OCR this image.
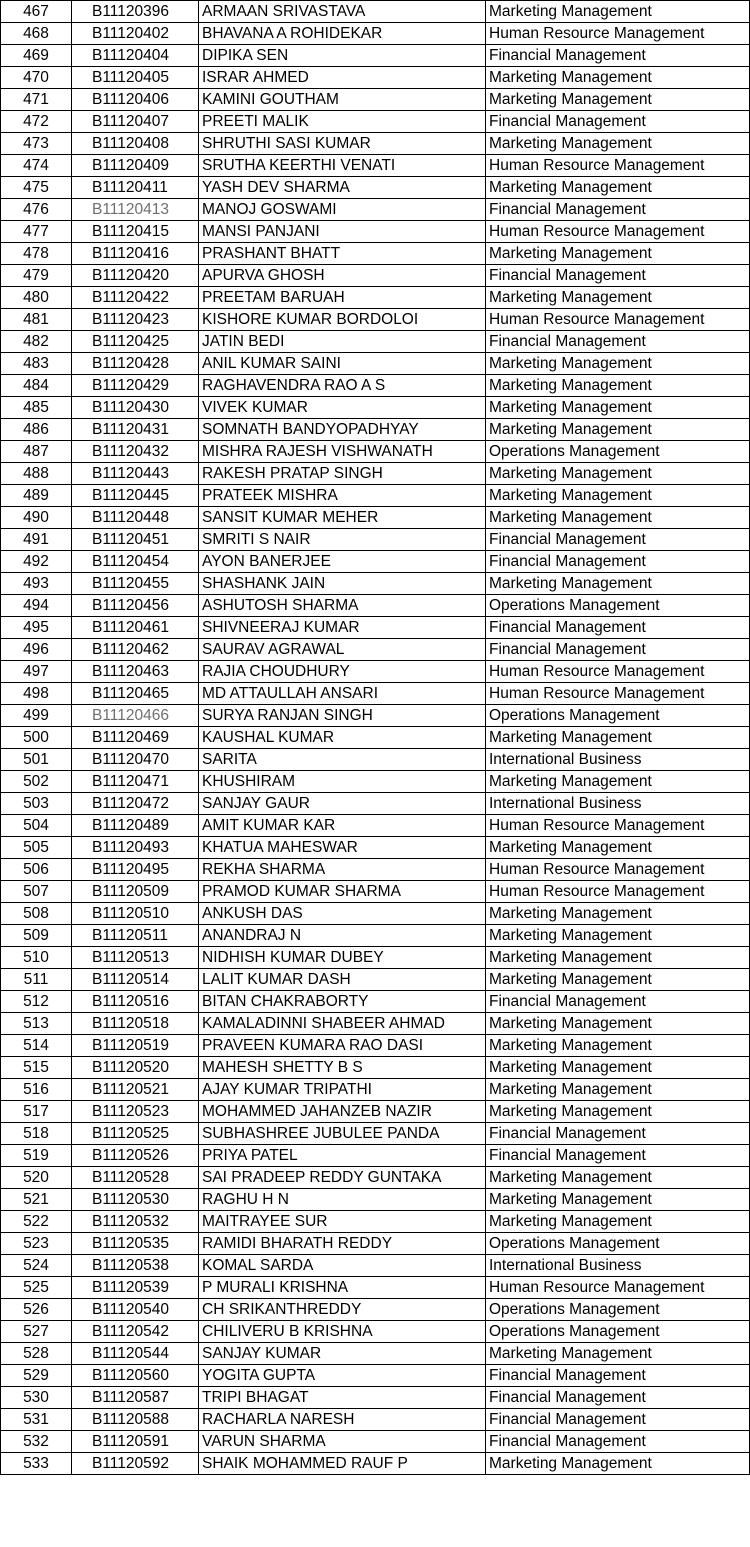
467	B11120396	ARMAAN SRIVASTAVA	Marketing Management
468	B11120402	BHAVANA A ROHIDEKAR	Human Resource Management
469	B11120404	DIPIKA SEN	Financial Management
470	B11120405	ISRAR AHMED	Marketing Management
471	B11120406	KAMINI GOUTHAM	Marketing Management
472	B11120407	PREETI MALIK	Financial Management
473	B11120408	SHRUTHI SASI KUMAR	Marketing Management
474	B11120409	SRUTHA KEERTHI VENATI	Human Resource Management
475	B11120411	YASH DEV SHARMA	Marketing Management
476	B11120413	MANOJ GOSWAMI	Financial Management
477	B11120415	MANSI PANJANI	Human Resource Management
478	B11120416	PRASHANT BHATT	Marketing Management
479	B11120420	APURVA GHOSH	Financial Management
480	B11120422	PREETAM BARUAH	Marketing Management
481	B11120423	KISHORE KUMAR BORDOLOI	Human Resource Management
482	B11120425	JATIN BEDI	Financial Management
483	B11120428	ANIL KUMAR SAINI	Marketing Management
484	B11120429	RAGHAVENDRA RAO A S	Marketing Management
485	B11120430	VIVEK KUMAR	Marketing Management
486	B11120431	SOMNATH BANDYOPADHYAY	Marketing Management
487	B11120432	MISHRA RAJESH VISHWANATH	Operations Management
488	B11120443	RAKESH PRATAP SINGH	Marketing Management
489	B11120445	PRATEEK MISHRA	Marketing Management
490	B11120448	SANSIT KUMAR MEHER	Marketing Management
491	B11120451	SMRITI S NAIR	Financial Management
492	B11120454	AYON BANERJEE	Financial Management
493	B11120455	SHASHANK JAIN	Marketing Management
494	B11120456	ASHUTOSH SHARMA	Operations Management
495	B11120461	SHIVNEERAJ KUMAR	Financial Management
496	B11120462	SAURAV AGRAWAL	Financial Management
497	B11120463	RAJIA CHOUDHURY	Human Resource Management
498	B11120465	MD ATTAULLAH ANSARI	Human Resource Management
499	B11120466	SURYA RANJAN SINGH	Operations Management
500	B11120469	KAUSHAL KUMAR	Marketing Management
501	B11120470	SARITA	International Business
502	B11120471	KHUSHIRAM	Marketing Management
503	B11120472	SANJAY GAUR	International Business
504	B11120489	AMIT KUMAR KAR	Human Resource Management
505	B11120493	KHATUA MAHESWAR	Marketing Management
506	B11120495	REKHA SHARMA	Human Resource Management
507	B11120509	PRAMOD KUMAR SHARMA	Human Resource Management
508	B11120510	ANKUSH DAS	Marketing Management
509	B11120511	ANANDRAJ N	Marketing Management
510	B11120513	NIDHISH KUMAR DUBEY	Marketing Management
511	B11120514	LALIT KUMAR DASH	Marketing Management
512	B11120516	BITAN CHAKRABORTY	Financial Management
513	B11120518	KAMALADINNI SHABEER AHMAD	Marketing Management
514	B11120519	PRAVEEN KUMARA RAO DASI	Marketing Management
515	B11120520	MAHESH SHETTY B S	Marketing Management
516	B11120521	AJAY KUMAR TRIPATHI	Marketing Management
517	B11120523	MOHAMMED JAHANZEB NAZIR	Marketing Management
518	B11120525	SUBHASHREE JUBULEE PANDA	Financial Management
519	B11120526	PRIYA PATEL	Financial Management
520	B11120528	SAI PRADEEP REDDY GUNTAKA	Marketing Management
521	B11120530	RAGHU H N	Marketing Management
522	B11120532	MAITRAYEE SUR	Marketing Management
523	B11120535	RAMIDI BHARATH REDDY	Operations Management
524	B11120538	KOMAL SARDA	International Business
525	B11120539	P MURALI KRISHNA	Human Resource Management
526	B11120540	CH SRIKANTHREDDY	Operations Management
527	B11120542	CHILIVERU B KRISHNA	Operations Management
528	B11120544	SANJAY KUMAR	Marketing Management
529	B11120560	YOGITA GUPTA	Financial Management
530	B11120587	TRIPI BHAGAT	Financial Management
531	B11120588	RACHARLA NARESH	Financial Management
532	B11120591	VARUN SHARMA	Financial Management
533	B11120592	SHAIK MOHAMMED RAUF P	Marketing Management
